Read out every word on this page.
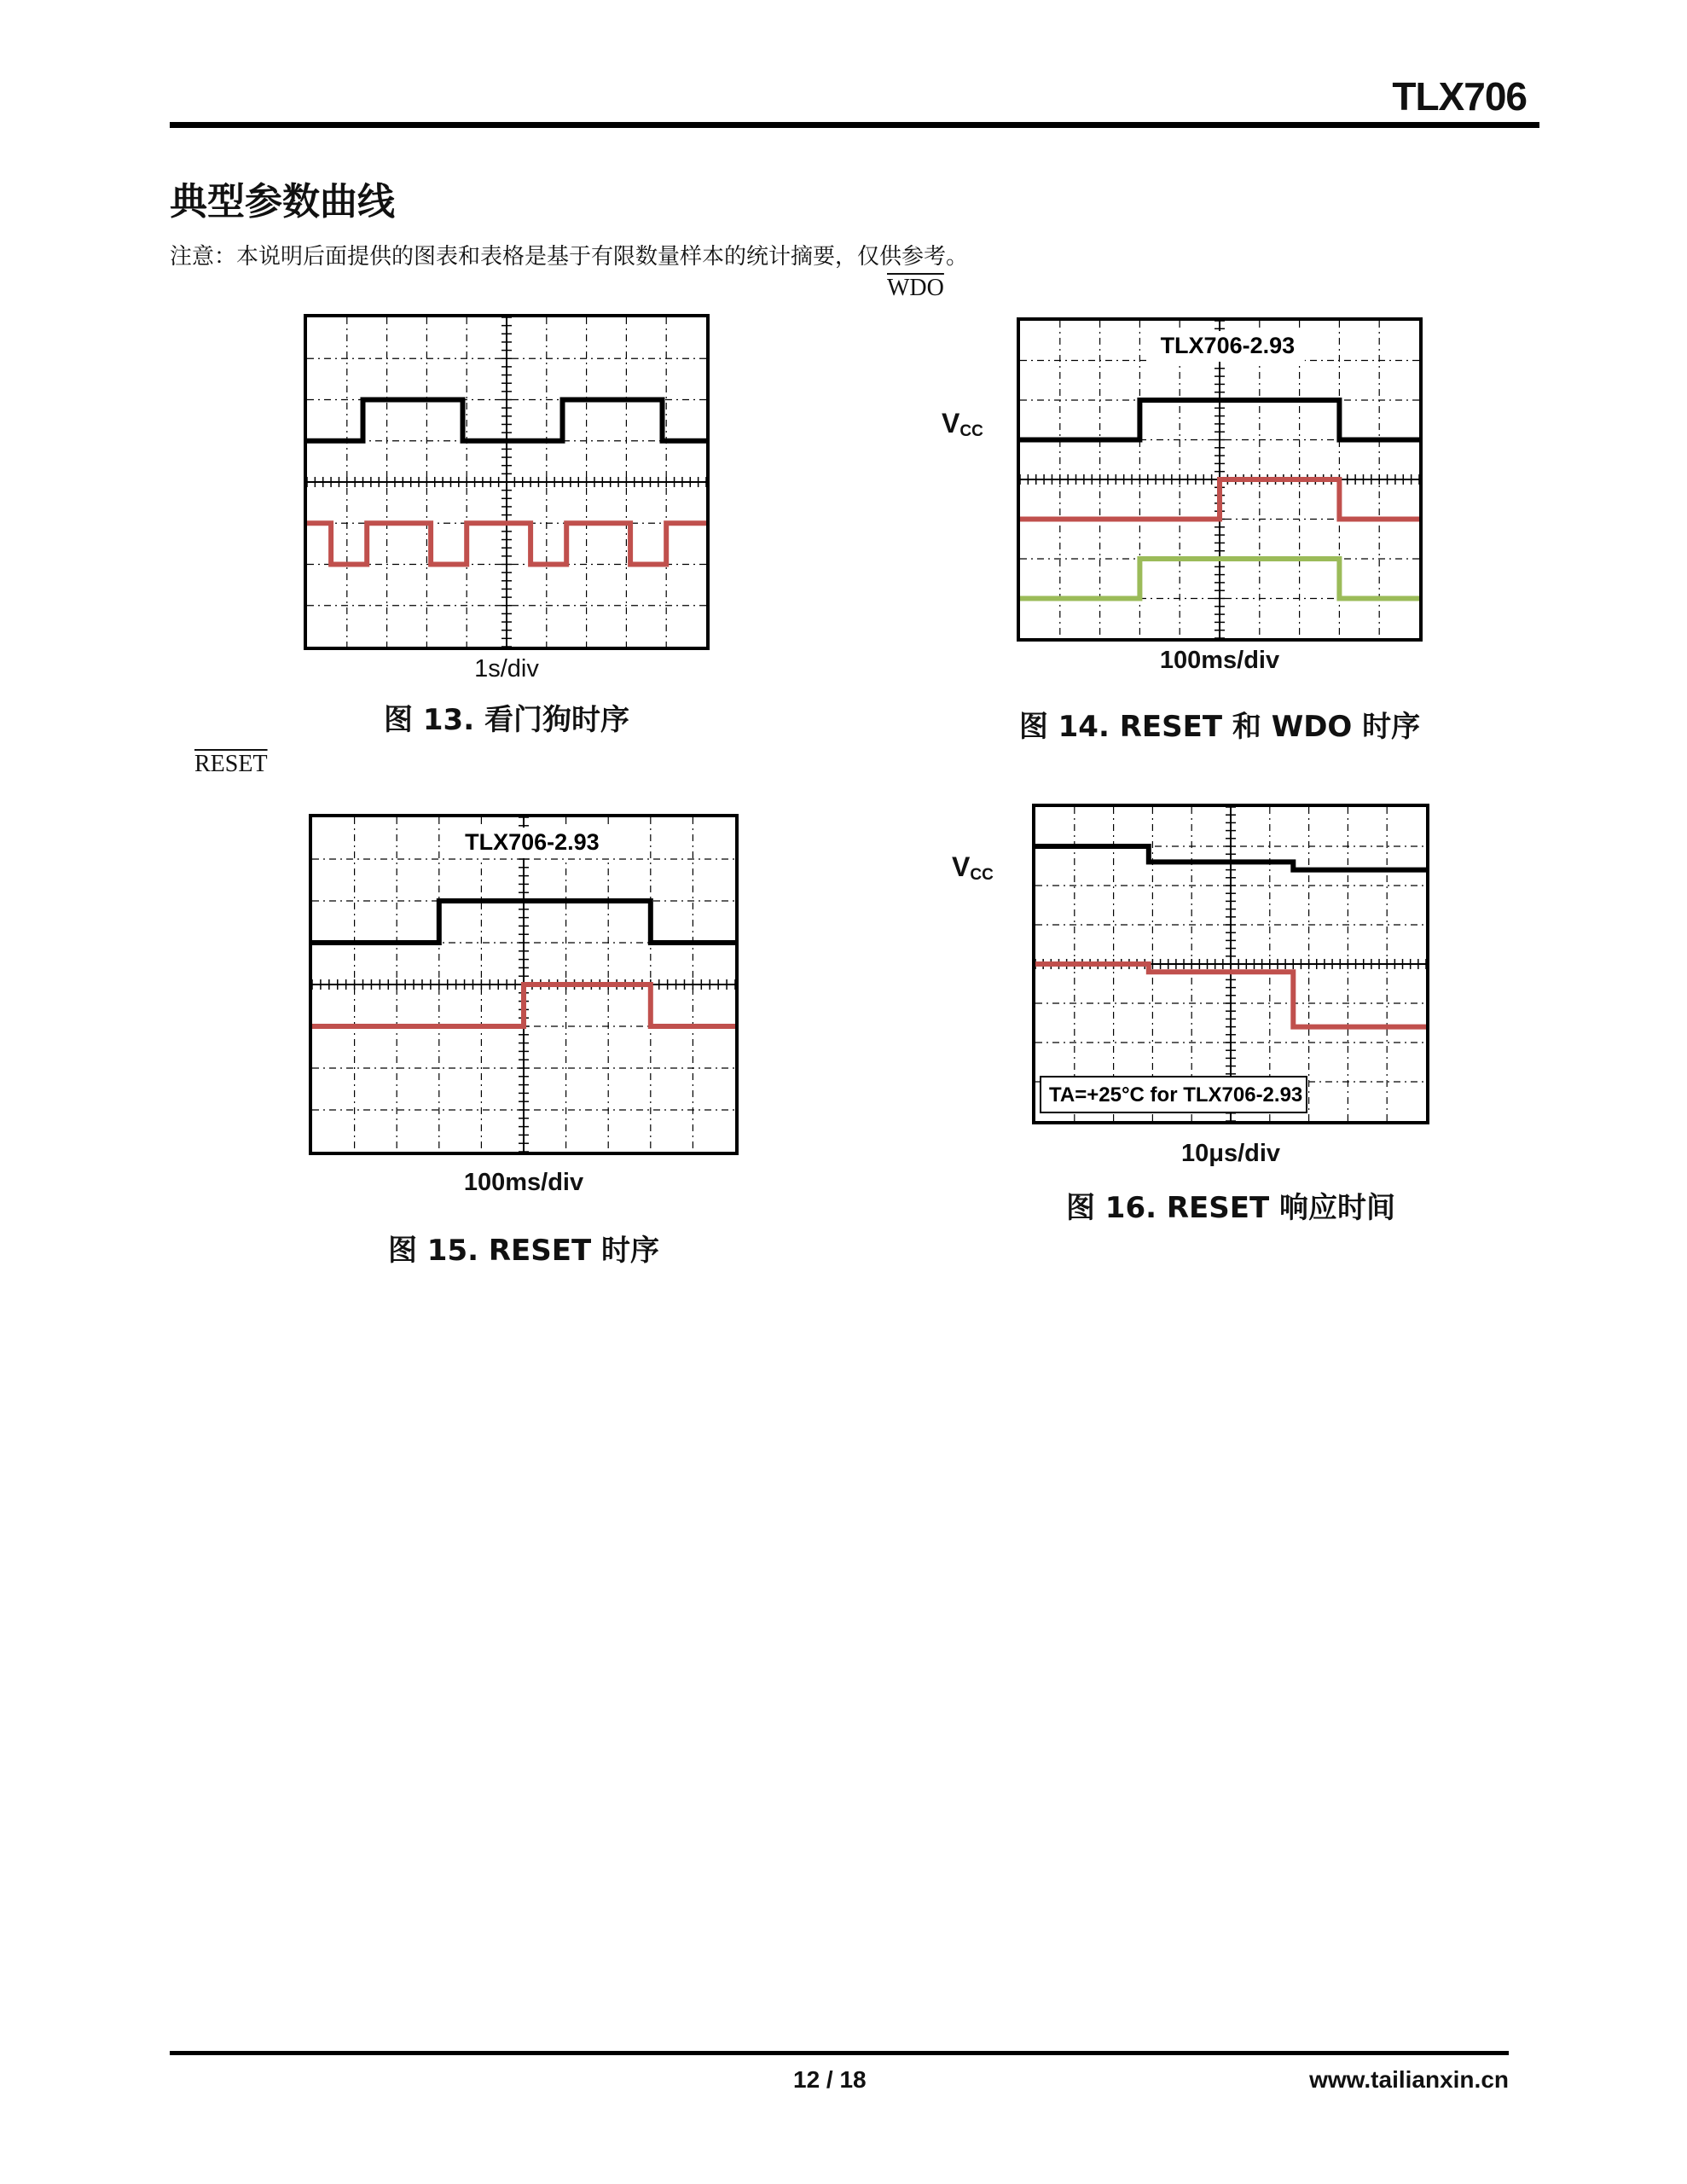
TLX706
典型参数曲线
注意：本说明后面提供的图表和表格是基于有限数量样本的统计摘要，仅供参考。
$\overline{WDO}$
RESET
1s/div
图 13. 看门狗时序
$V_{CC}$
TLX706-2.93
100ms/div
图 14. RESET 和 WDO 时序
TLX706-2.93
100ms/div
图 15. RESET 时序
$V_{CC}$
TA=+25°C for TLX706-2.93
10μs/div
图 16. RESET 响应时间
12 / 18	www.tailianxin.cn
